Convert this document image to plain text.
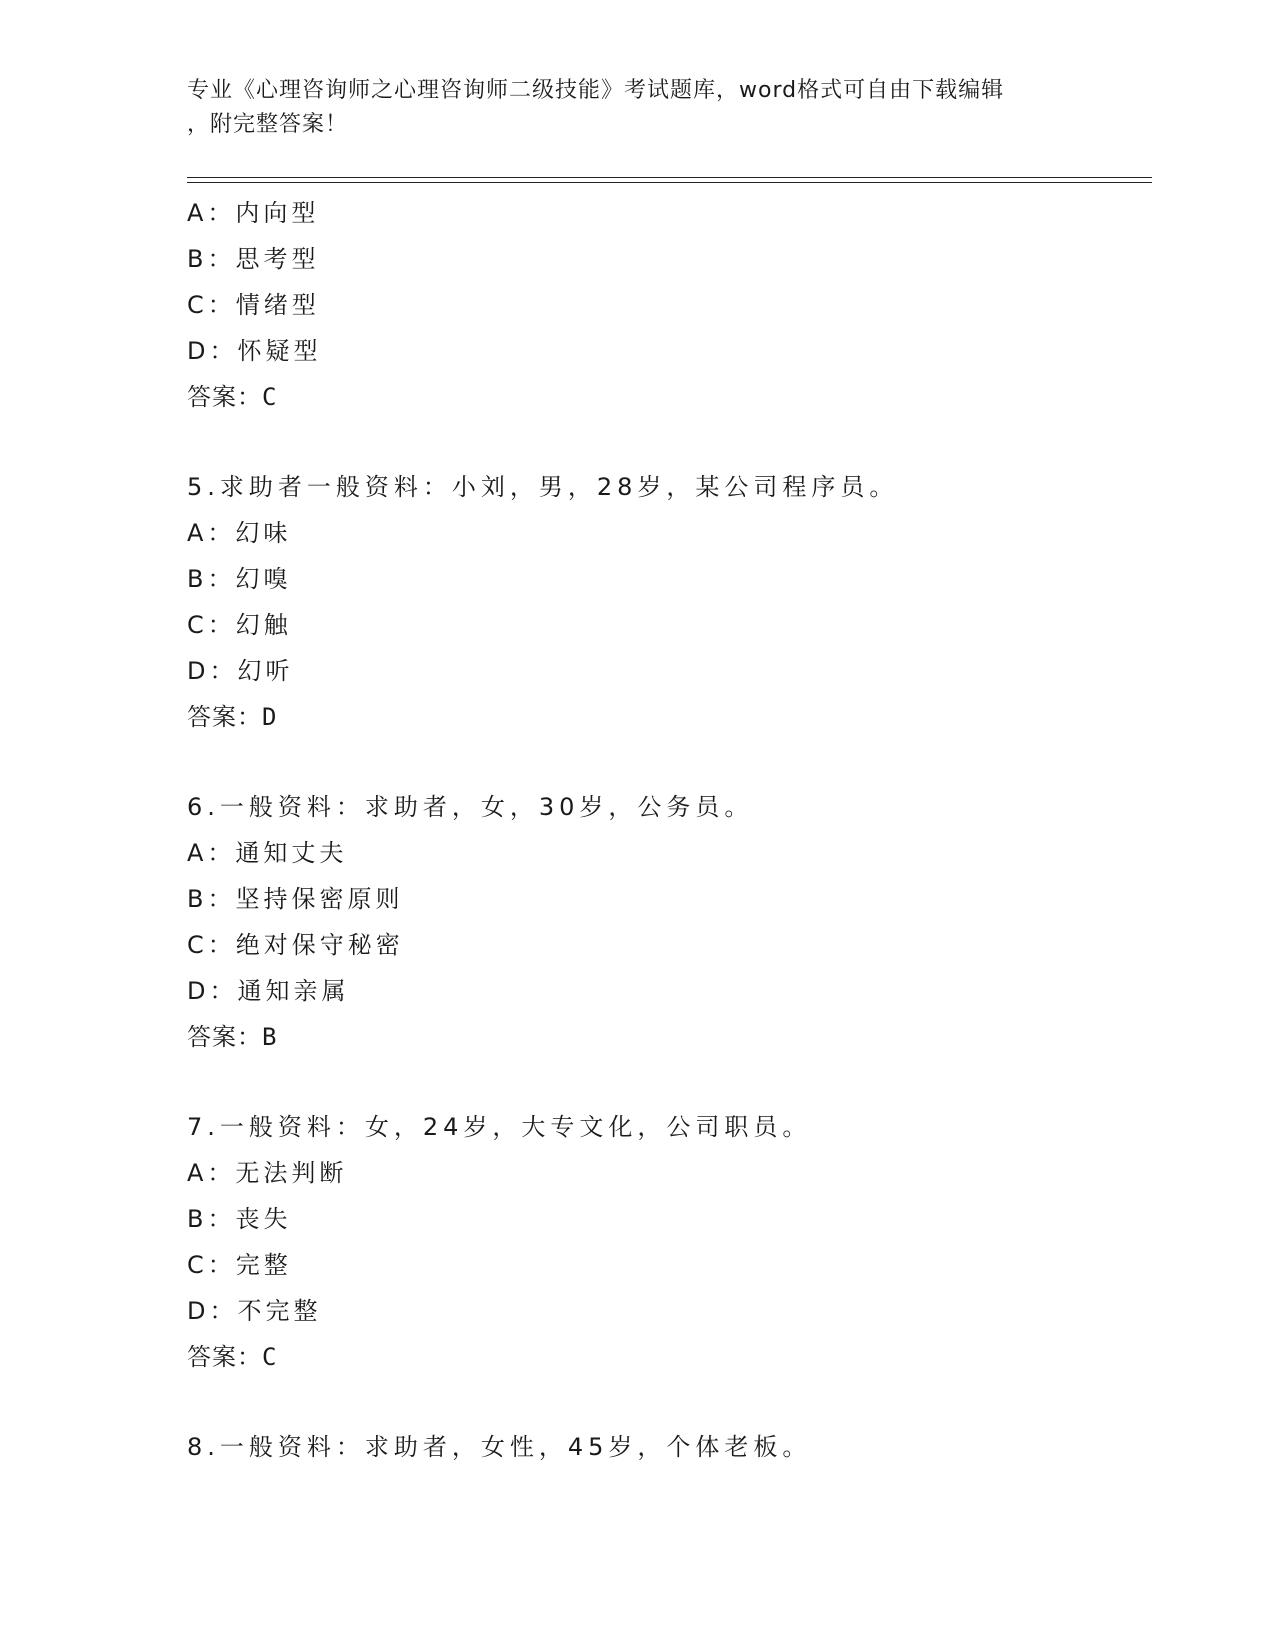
专业《心理咨询师之心理咨询师二级技能》考试题库，word格式可自由下载编辑
，附完整答案！
A：内向型
B：思考型
C：情绪型
D：怀疑型
答案：C
5.求助者一般资料：小刘，男，28岁，某公司程序员。
A：幻味
B：幻嗅
C：幻触
D：幻听
答案：D
6.一般资料：求助者，女，30岁，公务员。
A：通知丈夫
B：坚持保密原则
C：绝对保守秘密
D：通知亲属
答案：B
7.一般资料：女，24岁，大专文化，公司职员。
A：无法判断
B：丧失
C：完整
D：不完整
答案：C
8.一般资料：求助者，女性，45岁，个体老板。
